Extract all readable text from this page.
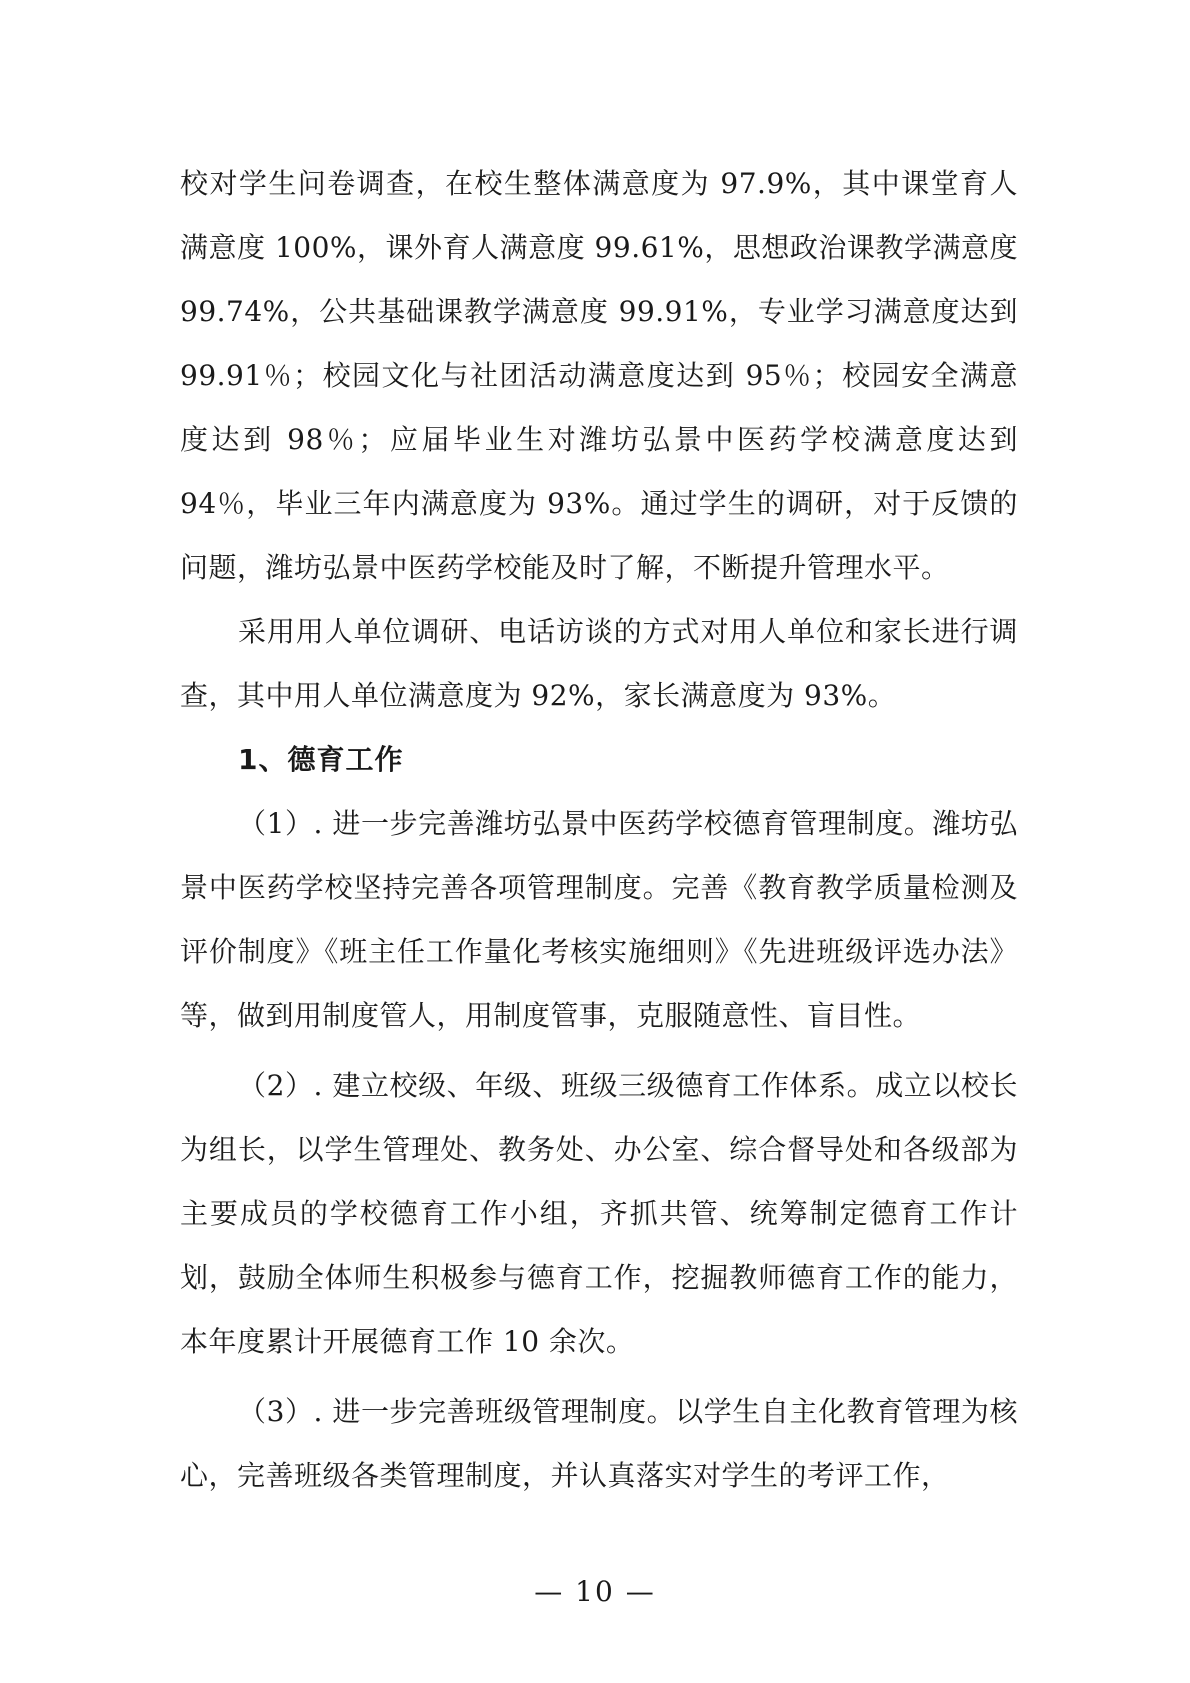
校对学生问卷调查，在校生整体满意度为 97.9%，其中课堂育人满意度 100%，课外育人满意度 99.61%，思想政治课教学满意度 99.74%，公共基础课教学满意度 99.91%，专业学习满意度达到 99.91％；校园文化与社团活动满意度达到 95％；校园安全满意度达到 98％；应届毕业生对潍坊弘景中医药学校满意度达到 94％，毕业三年内满意度为 93%。通过学生的调研，对于反馈的问题，潍坊弘景中医药学校能及时了解，不断提升管理水平。

采用用人单位调研、电话访谈的方式对用人单位和家长进行调查，其中用人单位满意度为 92%，家长满意度为 93%。

1、德育工作

（1）. 进一步完善潍坊弘景中医药学校德育管理制度。潍坊弘景中医药学校坚持完善各项管理制度。完善《教育教学质量检测及评价制度》《班主任工作量化考核实施细则》《先进班级评选办法》等，做到用制度管人，用制度管事，克服随意性、盲目性。

（2）. 建立校级、年级、班级三级德育工作体系。成立以校长为组长，以学生管理处、教务处、办公室、综合督导处和各级部为主要成员的学校德育工作小组，齐抓共管、统筹制定德育工作计划，鼓励全体师生积极参与德育工作，挖掘教师德育工作的能力，本年度累计开展德育工作 10 余次。

（3）. 进一步完善班级管理制度。以学生自主化教育管理为核心，完善班级各类管理制度，并认真落实对学生的考评工作，

— 10 —
